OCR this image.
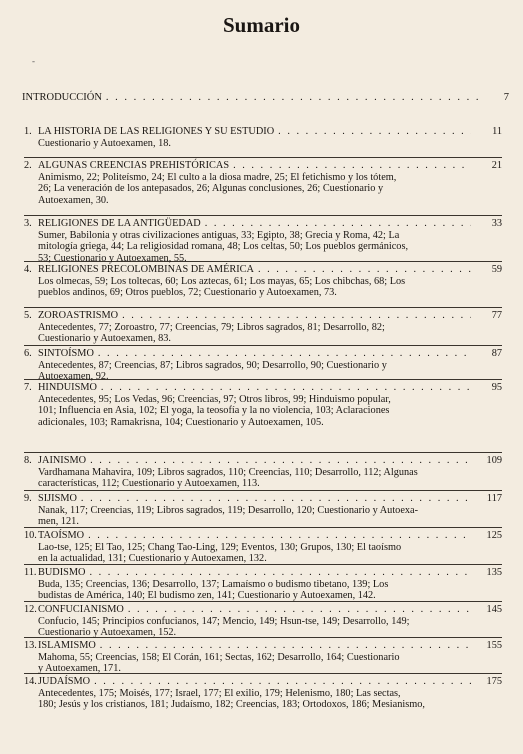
Sumario
‐
INTRODUCCIÓN
. . .	7
1. LA HISTORIA DE LAS RELIGIONES Y SU ESTUDIO
. . .
Cuestionario y Autoexamen, 18.
2. ALGUNAS CREENCIAS PREHISTÓRICAS
. . .
Animismo, 22; Politeísmo, 24; El culto a la diosa madre, 25; El fetichismo y los tótem,
26; La veneración de los antepasados, 26; Algunas conclusiones, 26; Cuestionario y
Autoexamen, 30.
3. RELIGIONES DE LA ANTIGÜEDAD
. . .
Sumer, Babilonia y otras civilizaciones antiguas, 33; Egipto, 38; Grecia y Roma, 42; La
mitología griega, 44; La religiosidad romana, 48; Los celtas, 50; Los pueblos germánicos,
53; Cuestionario y Autoexamen, 55.
4. RELIGIONES PRECOLOMBINAS DE AMÉRICA
. . .
Los olmecas, 59; Los toltecas, 60; Los aztecas, 61; Los mayas, 65; Los chibchas, 68; Los
pueblos andinos, 69; Otros pueblos, 72; Cuestionario y Autoexamen, 73.
5. ZOROASTRISMO
. . .
Antecedentes, 77; Zoroastro, 77; Creencias, 79; Libros sagrados, 81; Desarrollo, 82;
Cuestionario y Autoexamen, 83.
6. SINTOÍSMO
. . .
Antecedentes, 87; Creencias, 87; Libros sagrados, 90; Desarrollo, 90; Cuestionario y
Autoexamen, 92.
7. HINDUISMO
. . .
Antecedentes, 95; Los Vedas, 96; Creencias, 97; Otros libros, 99; Hinduismo popular,
101; Influencia en Asia, 102; El yoga, la teosofía y la no violencia, 103; Aclaraciones
adicionales, 103; Ramakrisna, 104; Cuestionario y Autoexamen, 105.
8. JAINISMO
. . .
Vardhamana Mahavira, 109; Libros sagrados, 110; Creencias, 110; Desarrollo, 112; Algunas
características, 112; Cuestionario y Autoexamen, 113.
9. SIJISMO
. . .
Nanak, 117; Creencias, 119; Libros sagrados, 119; Desarrollo, 120; Cuestionario y Autoexa-
men, 121.
10. TAOÍSMO
. . .
Lao-tse, 125; El Tao, 125; Chang Tao-Ling, 129; Eventos, 130; Grupos, 130; El taoísmo
en la actualidad, 131; Cuestionario y Autoexamen, 132.
11. BUDISMO
. . .
Buda, 135; Creencias, 136; Desarrollo, 137; Lamaísmo o budismo tibetano, 139; Los
budistas de América, 140; El budismo zen, 141; Cuestionario y Autoexamen, 142.
12. CONFUCIANISMO
. . .
Confucio, 145; Principios confucianos, 147; Mencio, 149; Hsun-tse, 149; Desarrollo, 149;
Cuestionario y Autoexamen, 152.
13. ISLAMISMO
. . .
Mahoma, 55; Creencias, 158; El Corán, 161; Sectas, 162; Desarrollo, 164; Cuestionario
y Autoexamen, 171.
14. JUDAÍSMO
. . .
Antecedentes, 175; Moisés, 177; Israel, 177; El exilio, 179; Helenismo, 180; Las sectas,
180; Jesús y los cristianos, 181; Judaísmo, 182; Creencias, 183; Ortodoxos, 186; Mesianismo,
11
21
33
59
77
87
95
109
117
125
135
145
155
175
